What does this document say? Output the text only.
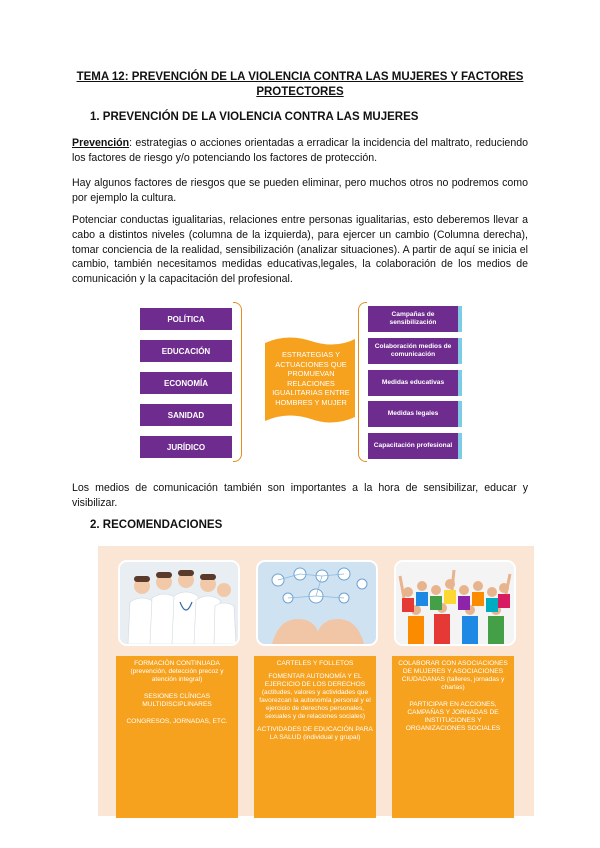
TEMA 12: PREVENCIÓN DE LA VIOLENCIA CONTRA LAS MUJERES Y FACTORES PROTECTORES
1. PREVENCIÓN DE LA VIOLENCIA CONTRA LAS MUJERES
Prevención: estrategias o acciones orientadas a erradicar la incidencia del maltrato, reduciendo los factores de riesgo y/o potenciando los factores de protección.
Hay algunos factores de riesgos que se pueden eliminar, pero muchos otros no podremos como por ejemplo la cultura.
Potenciar conductas igualitarias, relaciones entre personas igualitarias, esto deberemos llevar a cabo a distintos niveles (columna de la izquierda), para ejercer un cambio (Columna derecha), tomar conciencia de la realidad, sensibilización (analizar situaciones). A partir de aquí se inicia el cambio, también necesitamos medidas educativas,legales, la colaboración de los medios de comunicación y la capacitación del profesional.
POLÍTICA
EDUCACIÓN
ECONOMÍA
SANIDAD
JURÍDICO
ESTRATEGIAS Y ACTUACIONES QUE PROMUEVAN RELACIONES IGUALITARIAS ENTRE HOMBRES Y MUJER
Campañas de sensibilización
Colaboración medios de comunicación
Medidas educativas
Medidas legales
Capacitación profesional
Los medios de comunicación también son importantes a la hora de sensibilizar, educar y visibilizar.
2. RECOMENDACIONES

FORMACIÓN CONTINUADA (prevención, detección precoz y atención integral)

SESIONES CLÍNICAS MULTIDISCIPLINARES

CONGRESOS, JORNADAS, ETC.

CARTELES Y FOLLETOS

FOMENTAR AUTONOMÍA Y EL EJERCICIO DE LOS DERECHOS (actitudes, valores y actividades que favorezcan la autonomía personal y el ejercicio de derechos personales, sexuales y de relaciones sociales)

ACTIVIDADES DE EDUCACIÓN PARA LA SALUD (individual y grupal)

COLABORAR CON ASOCIACIONES DE MUJERES Y ASOCIACIONES CIUDADANAS (talleres, jornadas y charlas)

PARTICIPAR EN ACCIONES, CAMPAÑAS Y JORNADAS DE INSTITUCIONES Y ORGANIZACIONES SOCIALES
